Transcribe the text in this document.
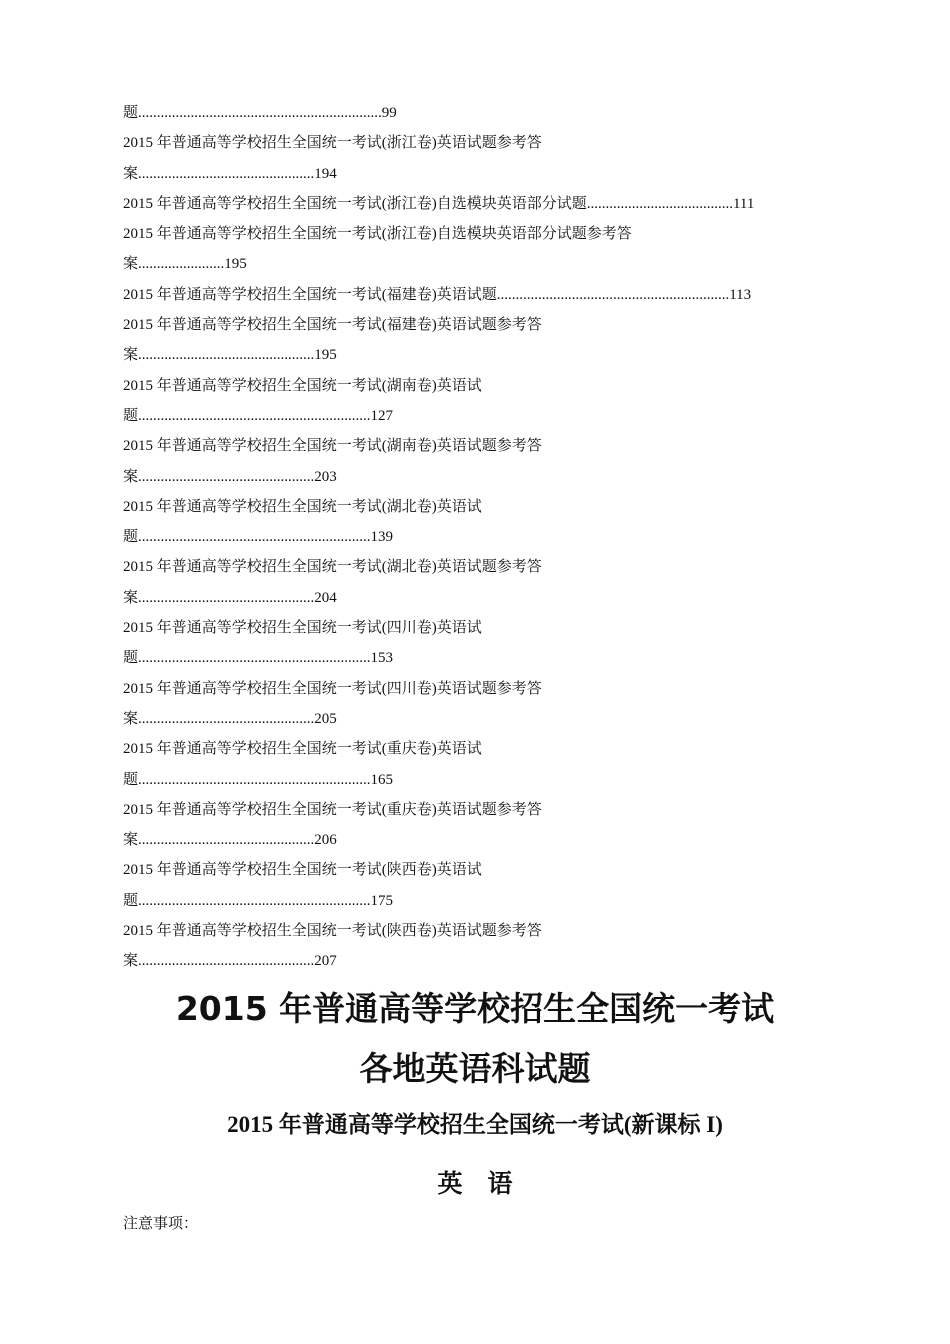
题.................................................................99
2015 年普通高等学校招生全国统一考试(浙江卷)英语试题参考答
案...............................................194
2015 年普通高等学校招生全国统一考试(浙江卷)自选模块英语部分试题.......................................111
2015 年普通高等学校招生全国统一考试(浙江卷)自选模块英语部分试题参考答
案.......................195
2015 年普通高等学校招生全国统一考试(福建卷)英语试题..............................................................113
2015 年普通高等学校招生全国统一考试(福建卷)英语试题参考答
案...............................................195
2015 年普通高等学校招生全国统一考试(湖南卷)英语试
题..............................................................127
2015 年普通高等学校招生全国统一考试(湖南卷)英语试题参考答
案...............................................203
2015 年普通高等学校招生全国统一考试(湖北卷)英语试
题..............................................................139
2015 年普通高等学校招生全国统一考试(湖北卷)英语试题参考答
案...............................................204
2015 年普通高等学校招生全国统一考试(四川卷)英语试
题..............................................................153
2015 年普通高等学校招生全国统一考试(四川卷)英语试题参考答
案...............................................205
2015 年普通高等学校招生全国统一考试(重庆卷)英语试
题..............................................................165
2015 年普通高等学校招生全国统一考试(重庆卷)英语试题参考答
案...............................................206
2015 年普通高等学校招生全国统一考试(陕西卷)英语试
题..............................................................175
2015 年普通高等学校招生全国统一考试(陕西卷)英语试题参考答
案...............................................207
2015 年普通高等学校招生全国统一考试
各地英语科试题
2015 年普通高等学校招生全国统一考试(新课标 I)
英　语
注意事项：
